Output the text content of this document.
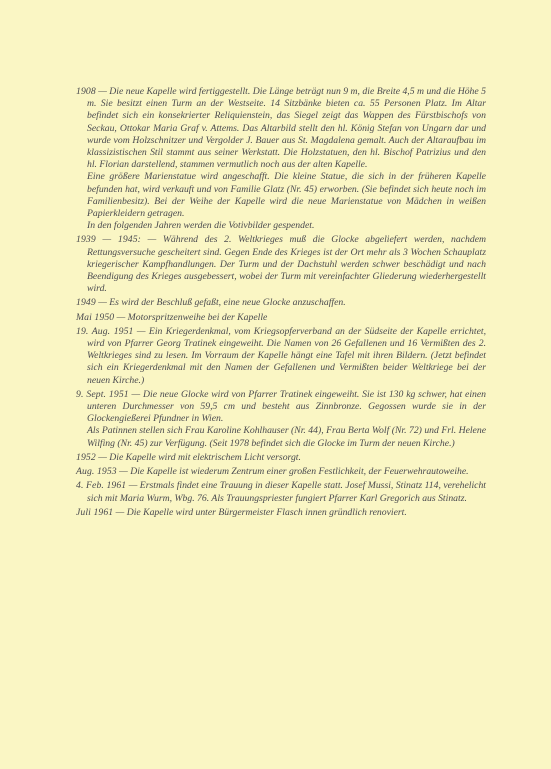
1908 — Die neue Kapelle wird fertiggestellt. Die Länge beträgt nun 9 m, die Breite 4,5 m und die Höhe 5 m. Sie besitzt einen Turm an der Westseite. 14 Sitzbänke bieten ca. 55 Personen Platz. Im Altar befindet sich ein konsekrierter Reliquienstein, das Siegel zeigt das Wappen des Fürstbischofs von Seckau, Ottokar Maria Graf v. Attems. Das Altarbild stellt den hl. König Stefan von Ungarn dar und wurde vom Holzschnitzer und Vergolder J. Bauer aus St. Magdalena gemalt. Auch der Altaraufbau im klassizistischen Stil stammt aus seiner Werkstatt. Die Holzstatuen, den hl. Bischof Patrizius und den hl. Florian darstellend, stammen vermutlich noch aus der alten Kapelle.

Eine größere Marienstatue wird angeschafft. Die kleine Statue, die sich in der früheren Kapelle befunden hat, wird verkauft und von Familie Glatz (Nr. 45) erworben. (Sie befindet sich heute noch im Familienbesitz). Bei der Weihe der Kapelle wird die neue Marienstatue von Mädchen in weißen Papierkleidern getragen.

In den folgenden Jahren werden die Votivbilder gespendet.

1939 — 1945: — Während des 2. Weltkrieges muß die Glocke abgeliefert werden, nachdem Rettungsversuche gescheitert sind. Gegen Ende des Krieges ist der Ort mehr als 3 Wochen Schauplatz kriegerischer Kampfhandlungen. Der Turm und der Dachstuhl werden schwer beschädigt und nach Beendigung des Krieges ausgebessert, wobei der Turm mit vereinfachter Gliederung wiederhergestellt wird.

1949 — Es wird der Beschluß gefaßt, eine neue Glocke anzuschaffen.

Mai 1950 — Motorspritzenweihe bei der Kapelle

19. Aug. 1951 — Ein Kriegerdenkmal, vom Kriegsopferverband an der Südseite der Kapelle errichtet, wird von Pfarrer Georg Tratinek eingeweiht. Die Namen von 26 Gefallenen und 16 Vermißten des 2. Weltkrieges sind zu lesen. Im Vorraum der Kapelle hängt eine Tafel mit ihren Bildern. (Jetzt befindet sich ein Kriegerdenkmal mit den Namen der Gefallenen und Vermißten beider Weltkriege bei der neuen Kirche.)

9. Sept. 1951 — Die neue Glocke wird von Pfarrer Tratinek eingeweiht. Sie ist 130 kg schwer, hat einen unteren Durchmesser von 59,5 cm und besteht aus Zinnbronze. Gegossen wurde sie in der Glockengießerei Pfundner in Wien.

Als Patinnen stellen sich Frau Karoline Kohlhauser (Nr. 44), Frau Berta Wolf (Nr. 72) und Frl. Helene Wilfing (Nr. 45) zur Verfügung. (Seit 1978 befindet sich die Glocke im Turm der neuen Kirche.)

1952 — Die Kapelle wird mit elektrischem Licht versorgt.

Aug. 1953 — Die Kapelle ist wiederum Zentrum einer großen Festlichkeit, der Feuerwehrautoweihe.

4. Feb. 1961 — Erstmals findet eine Trauung in dieser Kapelle statt. Josef Mussi, Stinatz 114, verehelicht sich mit Maria Wurm, Wbg. 76. Als Trauungspriester fungiert Pfarrer Karl Gregorich aus Stinatz.

Juli 1961 — Die Kapelle wird unter Bürgermeister Flasch innen gründlich renoviert.
